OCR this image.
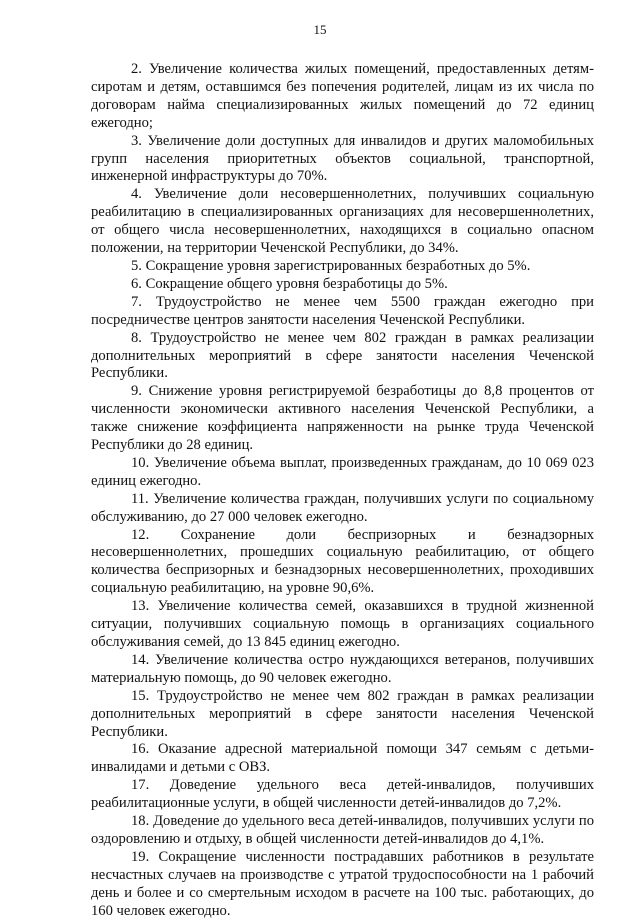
15

2. Увеличение количества жилых помещений, предоставленных детям-сиротам и детям, оставшимся без попечения родителей, лицам из их числа по договорам найма специализированных жилых помещений до 72 единиц ежегодно;

3. Увеличение доли доступных для инвалидов и других маломобильных групп населения приоритетных объектов социальной, транспортной, инженерной инфраструктуры до 70%.

4. Увеличение доли несовершеннолетних, получивших социальную реабилитацию в специализированных организациях для несовершеннолетних, от общего числа несовершеннолетних, находящихся в социально опасном положении, на территории Чеченской Республики, до 34%.

5. Сокращение уровня зарегистрированных безработных до 5%.

6. Сокращение общего уровня безработицы до 5%.

7. Трудоустройство не менее чем 5500 граждан ежегодно при посредничестве центров занятости населения Чеченской Республики.

8. Трудоустройство не менее чем 802 граждан в рамках реализации дополнительных мероприятий в сфере занятости населения Чеченской Республики.

9. Снижение уровня регистрируемой безработицы до 8,8 процентов от численности экономически активного населения Чеченской Республики, а также снижение коэффициента напряженности на рынке труда Чеченской Республики до 28 единиц.

10. Увеличение объема выплат, произведенных гражданам, до 10 069 023 единиц ежегодно.

11. Увеличение количества граждан, получивших услуги по социальному обслуживанию, до 27 000 человек ежегодно.

12. Сохранение доли беспризорных и безнадзорных несовершеннолетних, прошедших социальную реабилитацию, от общего количества беспризорных и безнадзорных несовершеннолетних, проходивших социальную реабилитацию, на уровне 90,6%.

13. Увеличение количества семей, оказавшихся в трудной жизненной ситуации, получивших социальную помощь в организациях социального обслуживания семей, до 13 845 единиц ежегодно.

14. Увеличение количества остро нуждающихся ветеранов, получивших материальную помощь, до 90 человек ежегодно.

15. Трудоустройство не менее чем 802 граждан в рамках реализации дополнительных мероприятий в сфере занятости населения Чеченской Республики.

16. Оказание адресной материальной помощи 347 семьям с детьми-инвалидами и детьми с ОВЗ.

17. Доведение удельного веса детей-инвалидов, получивших реабилитационные услуги, в общей численности детей-инвалидов до 7,2%.

18. Доведение до удельного веса детей-инвалидов, получивших услуги по оздоровлению и отдыху, в общей численности детей-инвалидов до 4,1%.

19. Сокращение численности пострадавших работников в результате несчастных случаев на производстве с утратой трудоспособности на 1 рабочий день и более и со смертельным исходом в расчете на 100 тыс. работающих, до 160 человек ежегодно.
